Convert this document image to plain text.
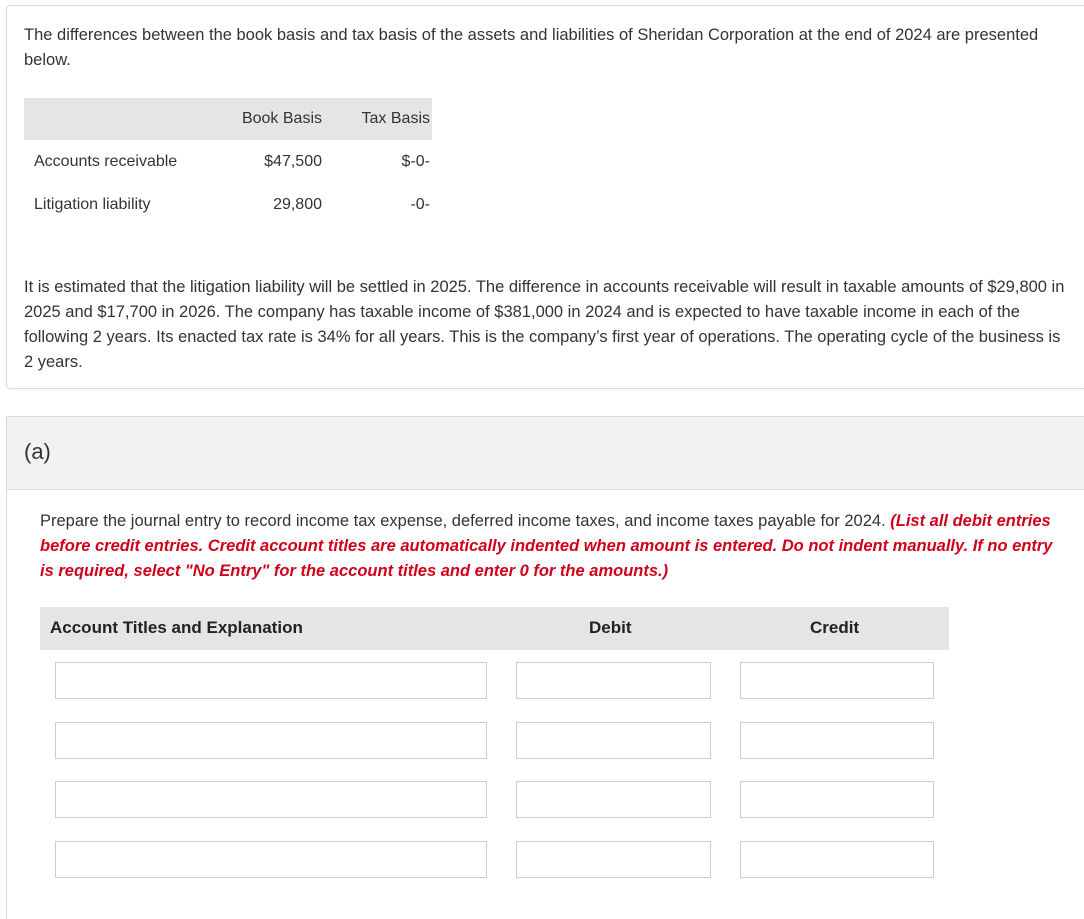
The differences between the book basis and tax basis of the assets and liabilities of Sheridan Corporation at the end of 2024 are presented below.

	Book Basis	Tax Basis
Accounts receivable	$47,500	$-0-
Litigation liability	29,800	-0-

It is estimated that the litigation liability will be settled in 2025. The difference in accounts receivable will result in taxable amounts of $29,800 in 2025 and $17,700 in 2026. The company has taxable income of $381,000 in 2024 and is expected to have taxable income in each of the following 2 years. Its enacted tax rate is 34% for all years. This is the company’s first year of operations. The operating cycle of the business is 2 years.

(a)

Prepare the journal entry to record income tax expense, deferred income taxes, and income taxes payable for 2024. (List all debit entries before credit entries. Credit account titles are automatically indented when amount is entered. Do not indent manually. If no entry is required, select "No Entry" for the account titles and enter 0 for the amounts.)

Account Titles and Explanation	Debit	Credit
